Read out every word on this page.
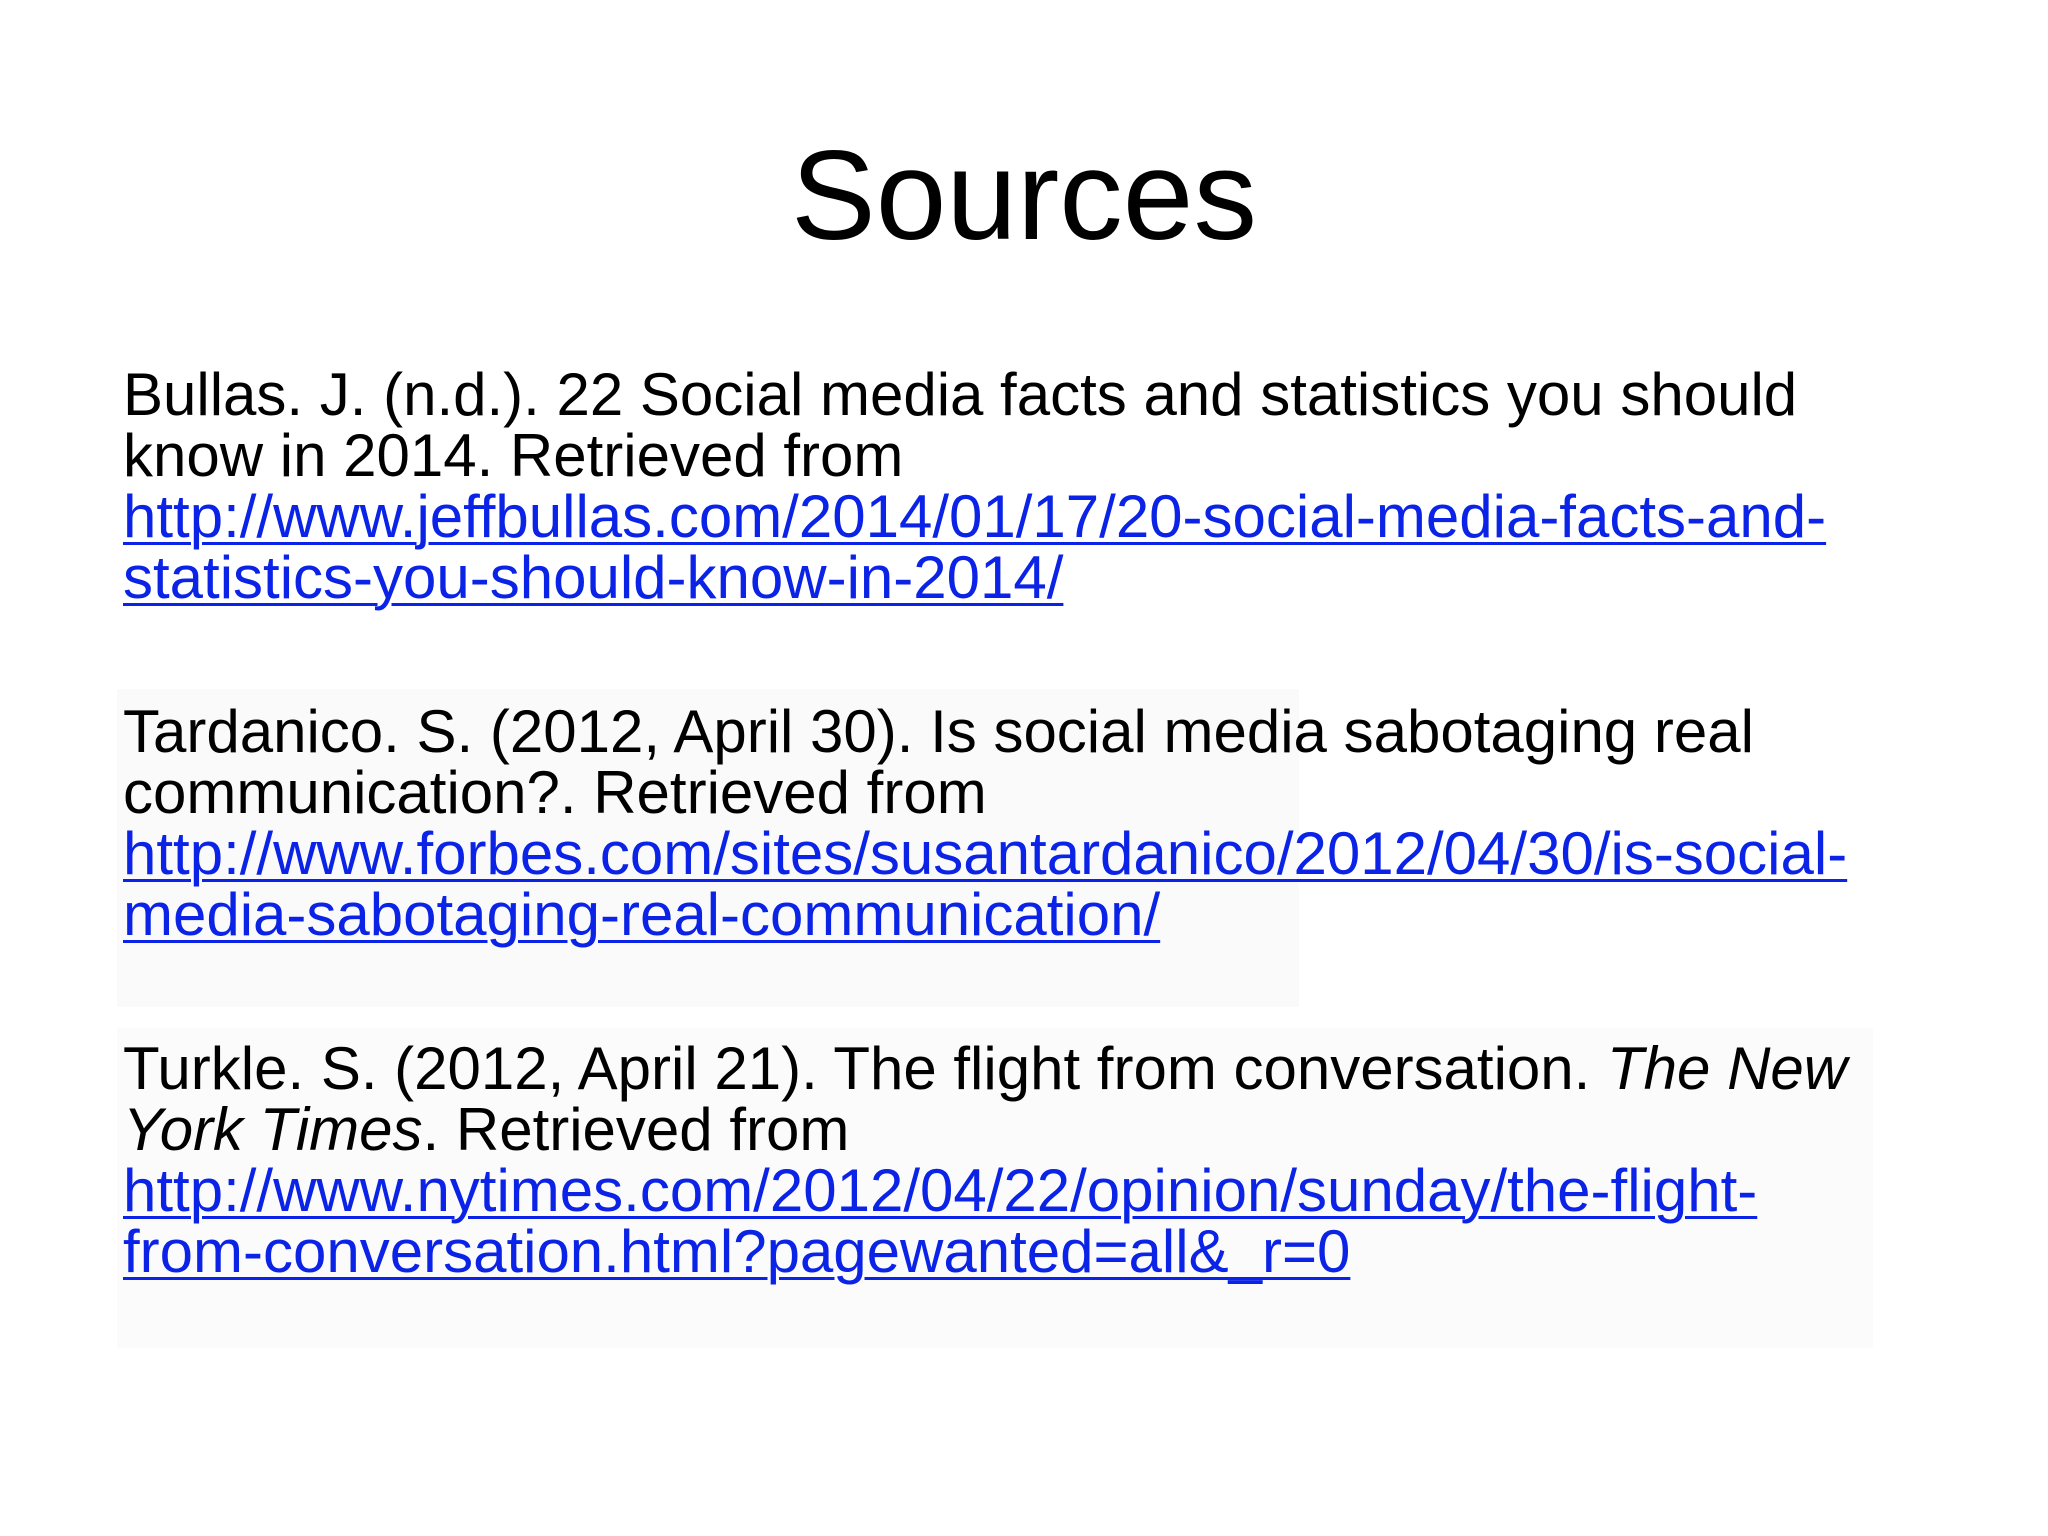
Sources

Bullas. J. (n.d.). 22 Social media facts and statistics you should
know in 2014. Retrieved from
http://www.jeffbullas.com/2014/01/17/20-social-media-facts-and-
statistics-you-should-know-in-2014/

Tardanico. S. (2012, April 30). Is social media sabotaging real
communication?. Retrieved from
http://www.forbes.com/sites/susantardanico/2012/04/30/is-social-
media-sabotaging-real-communication/

Turkle. S. (2012, April 21). The flight from conversation. The New
York Times. Retrieved from
http://www.nytimes.com/2012/04/22/opinion/sunday/the-flight-
from-conversation.html?pagewanted=all&_r=0
